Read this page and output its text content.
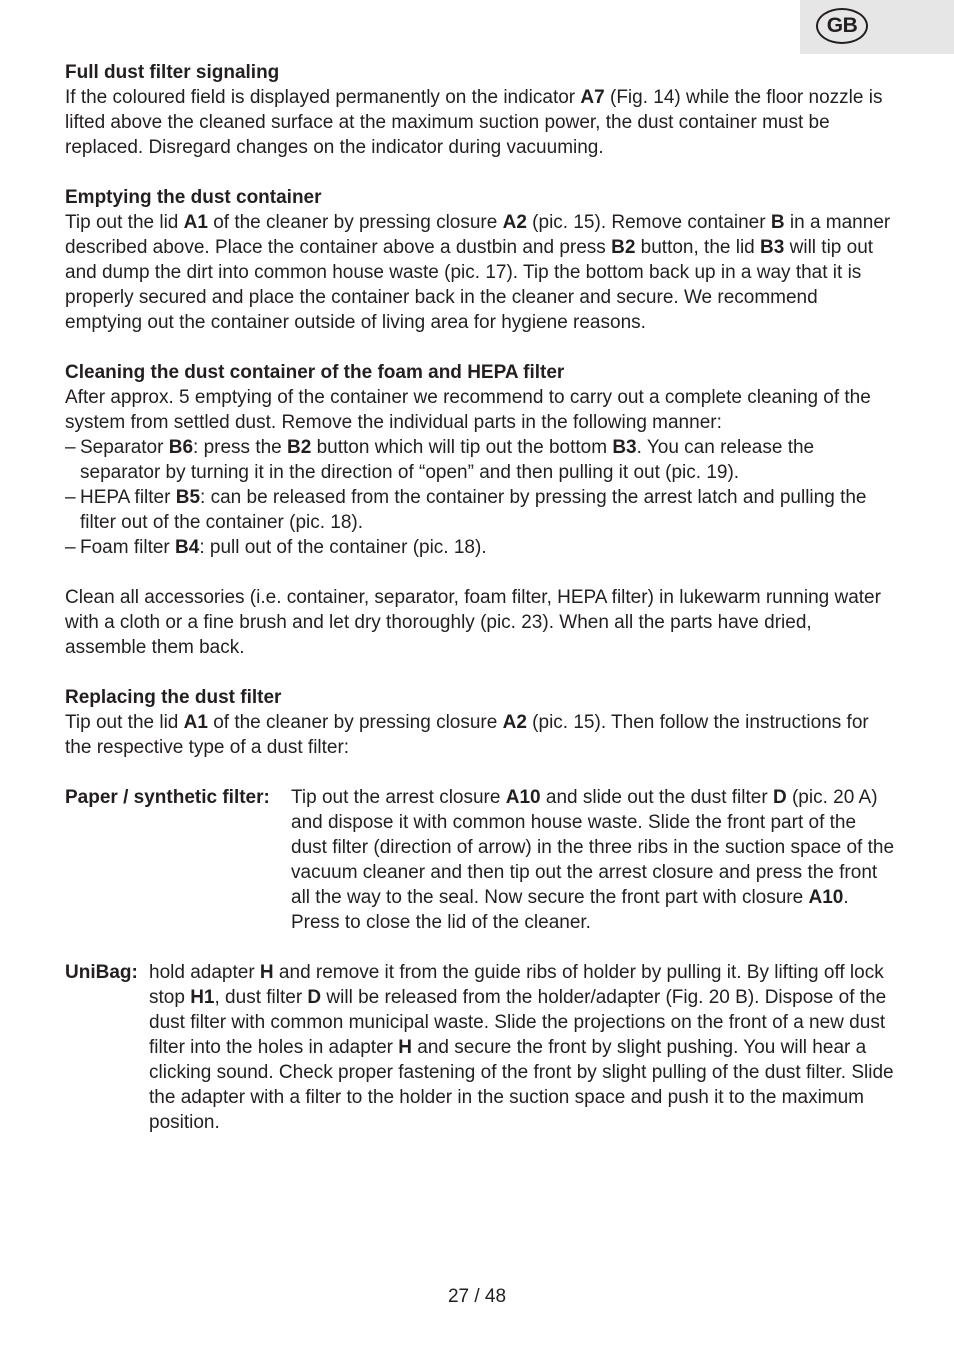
GB
Full dust filter signaling

If the coloured field is displayed permanently on the indicator A7 (Fig. 14) while the floor nozzle is lifted above the cleaned surface at the maximum suction power, the dust container must be replaced. Disregard changes on the indicator during vacuuming.

Emptying the dust container

Tip out the lid A1 of the cleaner by pressing closure A2 (pic. 15). Remove container B in a manner described above. Place the container above a dustbin and press B2 button, the lid B3 will tip out and dump the dirt into common house waste (pic. 17). Tip the bottom back up in a way that it is properly secured and place the container back in the cleaner and secure. We recommend emptying out the container outside of living area for hygiene reasons.

Cleaning the dust container of the foam and HEPA filter

After approx. 5 emptying of the container we recommend to carry out a complete cleaning of the system from settled dust. Remove the individual parts in the following manner:

– Separator B6: press the B2 button which will tip out the bottom B3. You can release the separator by turning it in the direction of “open” and then pulling it out (pic. 19).
– HEPA filter B5: can be released from the container by pressing the arrest latch and pulling the filter out of the container (pic. 18).
– Foam filter B4: pull out of the container (pic. 18).

Clean all accessories (i.e. container, separator, foam filter, HEPA filter) in lukewarm running water with a cloth or a fine brush and let dry thoroughly (pic. 23). When all the parts have dried, assemble them back.

Replacing the dust filter

Tip out the lid A1 of the cleaner by pressing closure A2 (pic. 15). Then follow the instructions for the respective type of a dust filter:

Paper / synthetic filter:	Tip out the arrest closure A10 and slide out the dust filter D (pic. 20 A) and dispose it with common house waste. Slide the front part of the dust filter (direction of arrow) in the three ribs in the suction space of the vacuum cleaner and then tip out the arrest closure and press the front all the way to the seal. Now secure the front part with closure A10. Press to close the lid of the cleaner.
UniBag: hold adapter H and remove it from the guide ribs of holder by pulling it. By lifting off lock stop H1, dust filter D will be released from the holder/adapter (Fig. 20 B). Dispose of the dust filter with common municipal waste. Slide the projections on the front of a new dust filter into the holes in adapter H and secure the front by slight pushing. You will hear a clicking sound. Check proper fastening of the front by slight pulling of the dust filter. Slide the adapter with a filter to the holder in the suction space and push it to the maximum position.
27 / 48
